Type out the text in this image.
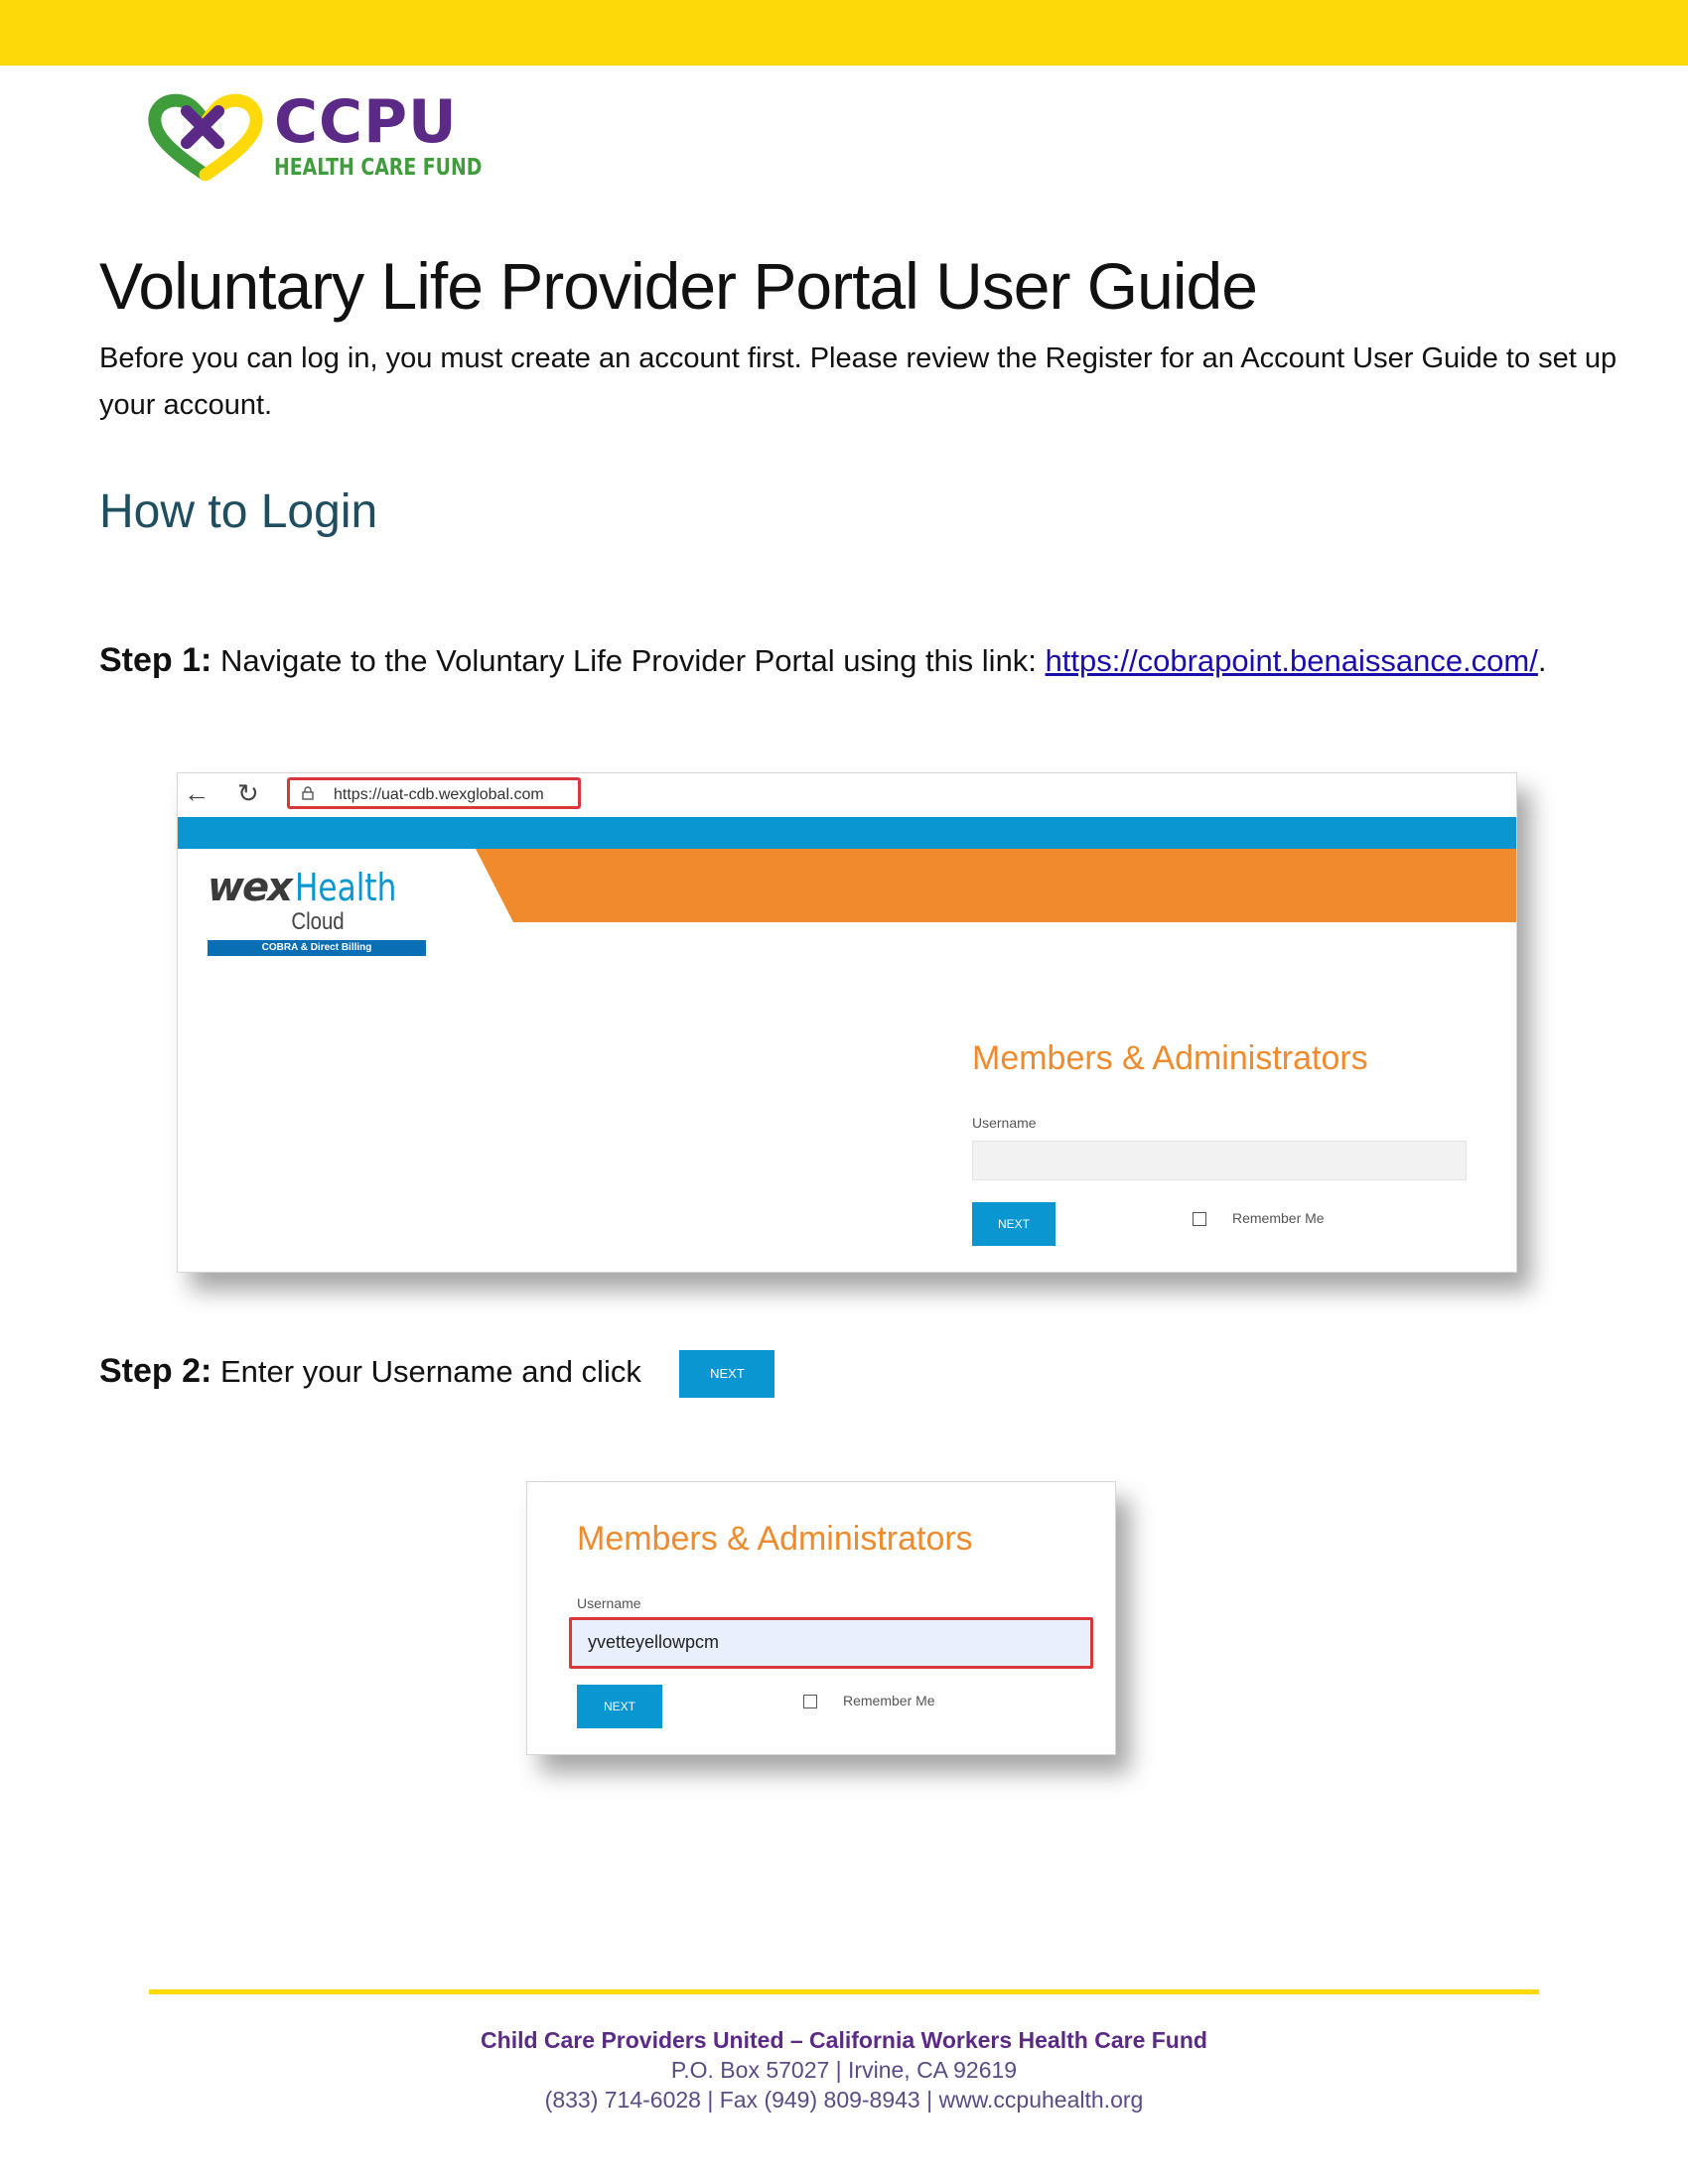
CCPU
HEALTH CARE FUND
Voluntary Life Provider Portal User Guide
Before you can log in, you must create an account first. Please review the Register for an Account User Guide to set up your account.
How to Login
Step 1: Navigate to the Voluntary Life Provider Portal using this link: https://cobrapoint.benaissance.com/.
← ↻	https://uat-cdb.wexglobal.com
wex Health
Cloud
COBRA & Direct Billing
Members & Administrators
Username
NEXT	Remember Me
Step 2: Enter your Username and click	NEXT
Members & Administrators
Username
yvetteyellowpcm
NEXT	Remember Me
Child Care Providers United – California Workers Health Care Fund
P.O. Box 57027 | Irvine, CA 92619
(833) 714-6028 | Fax (949) 809-8943 | www.ccpuhealth.org
